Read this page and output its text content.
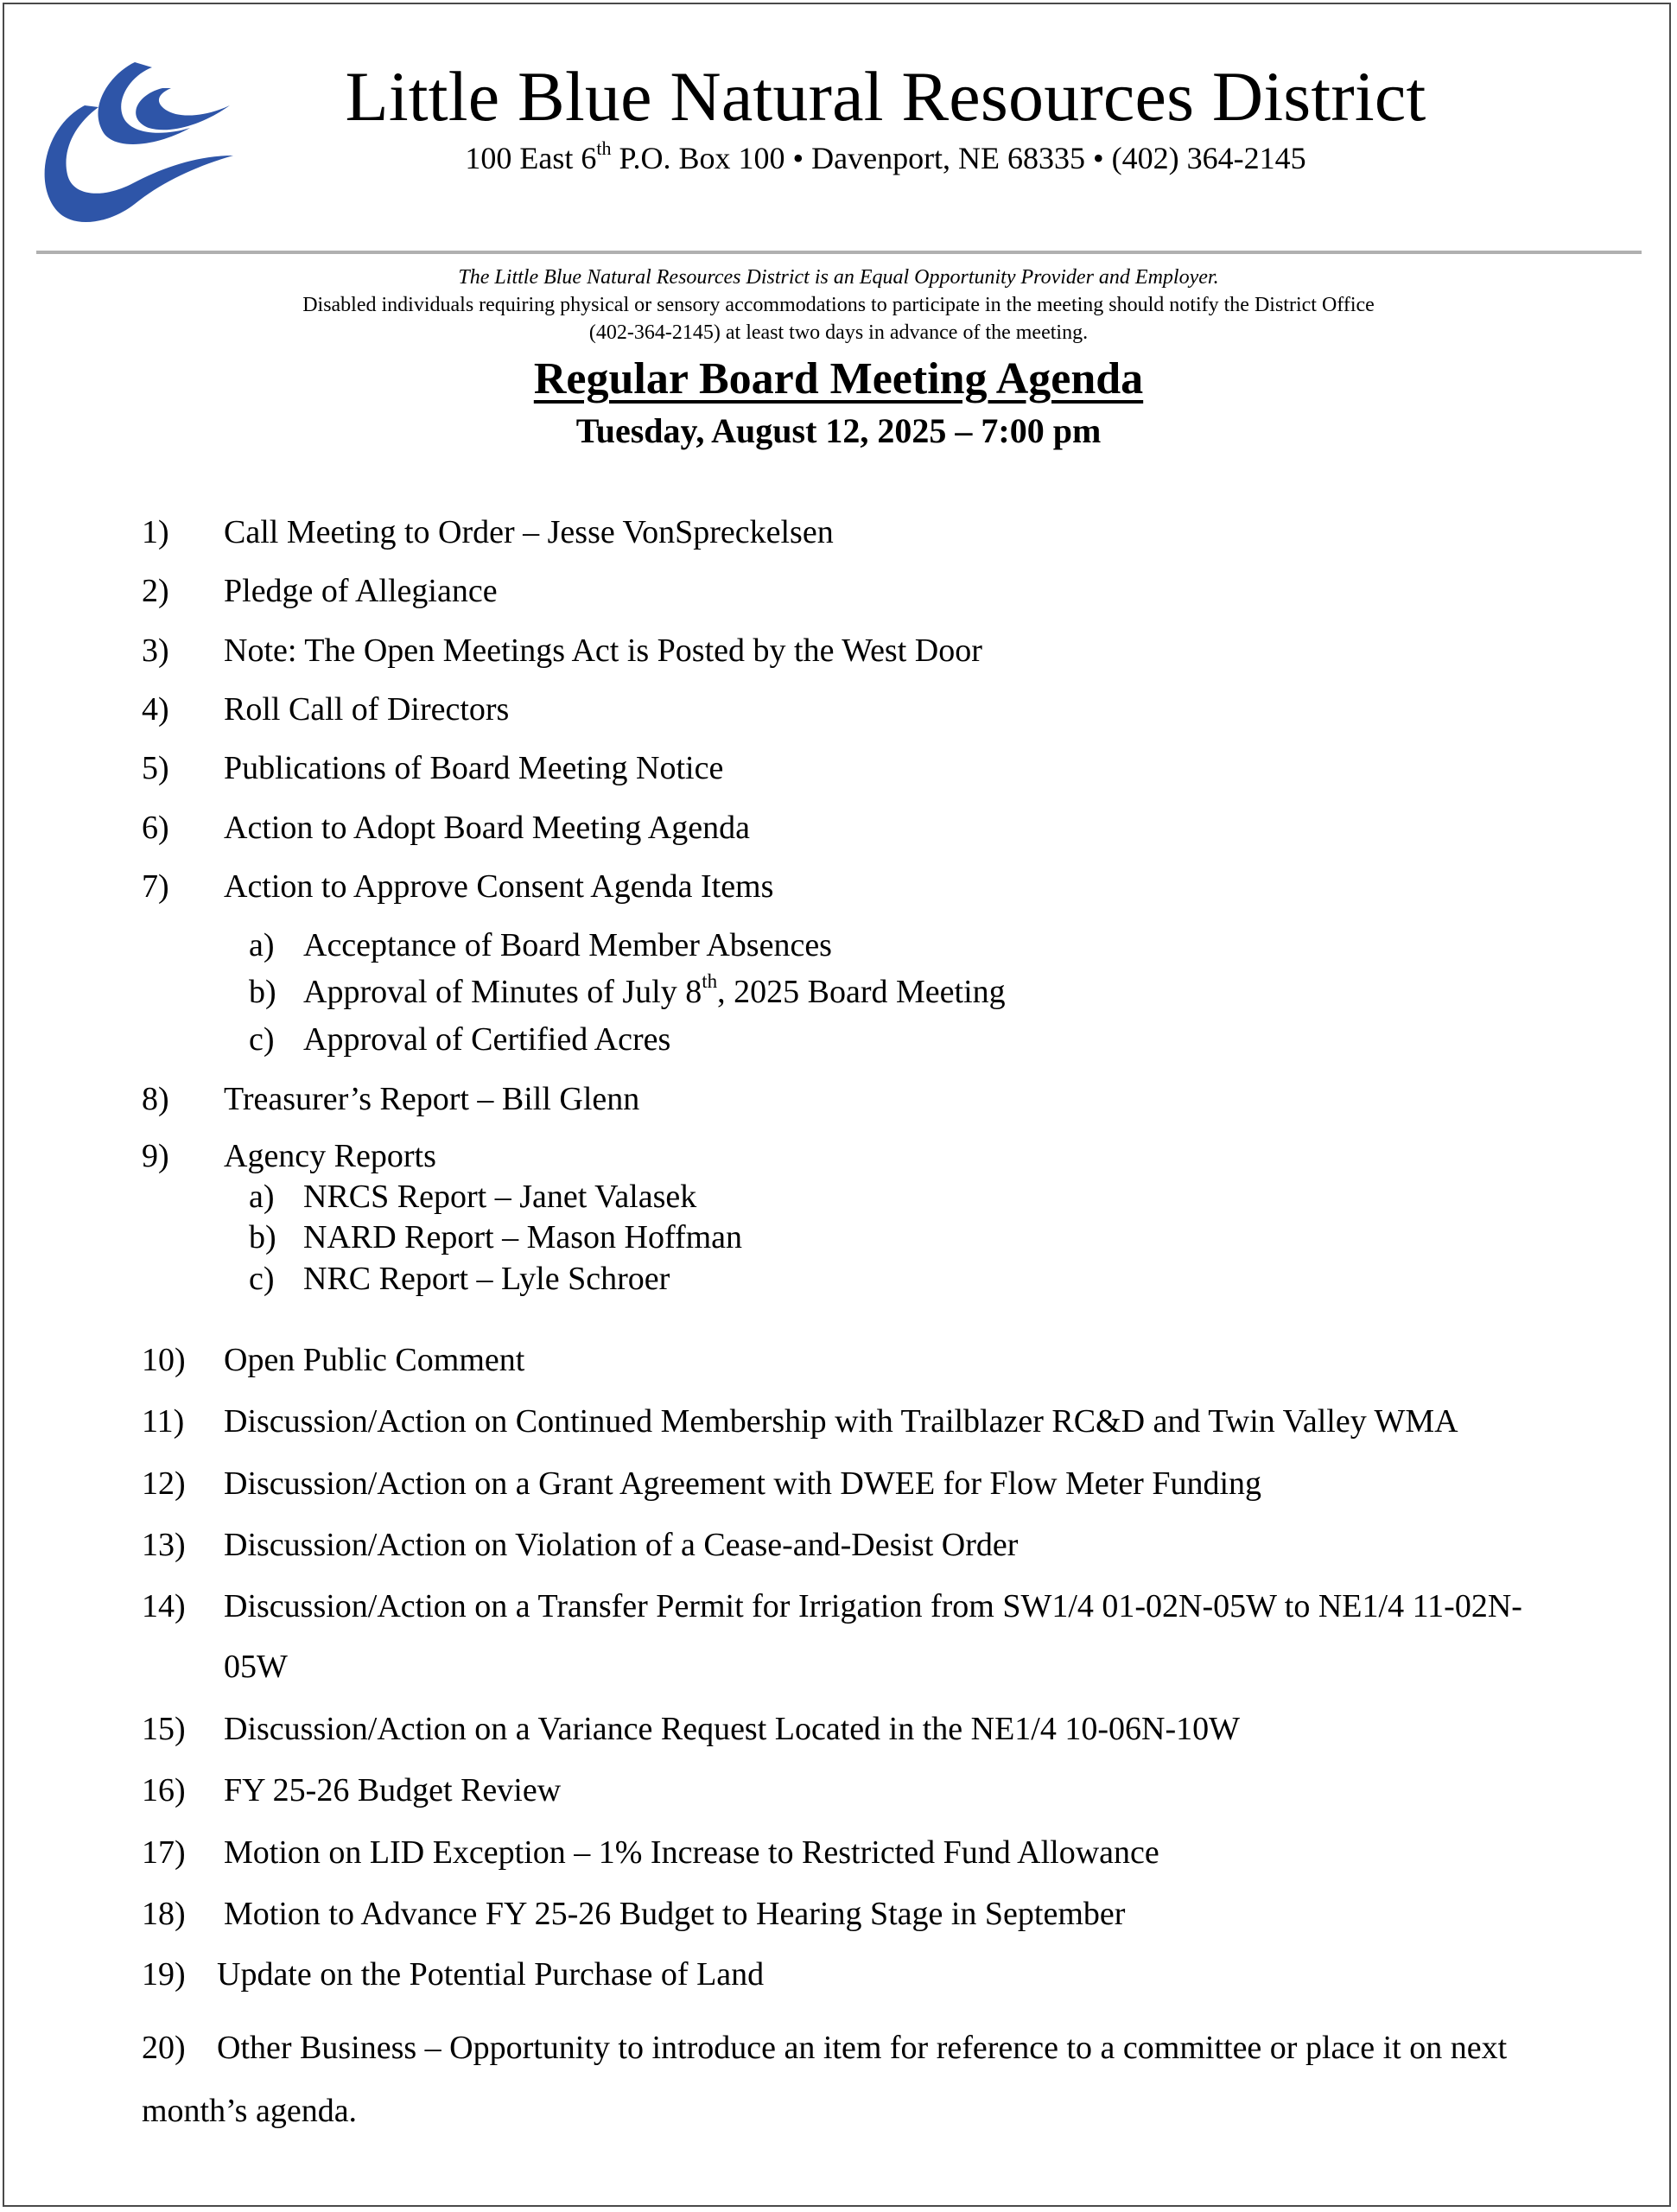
Little Blue Natural Resources District
100 East 6th P.O. Box 100 • Davenport, NE 68335 • (402) 364-2145
The Little Blue Natural Resources District is an Equal Opportunity Provider and Employer.
Disabled individuals requiring physical or sensory accommodations to participate in the meeting should notify the District Office
(402-364-2145) at least two days in advance of the meeting.
Regular Board Meeting Agenda
Tuesday, August 12, 2025 – 7:00 pm
1) Call Meeting to Order – Jesse VonSpreckelsen
2) Pledge of Allegiance
3) Note: The Open Meetings Act is Posted by the West Door
4) Roll Call of Directors
5) Publications of Board Meeting Notice
6) Action to Adopt Board Meeting Agenda
7) Action to Approve Consent Agenda Items
a) Acceptance of Board Member Absences
b) Approval of Minutes of July 8th, 2025 Board Meeting
c) Approval of Certified Acres
8) Treasurer’s Report – Bill Glenn
9) Agency Reports
a) NRCS Report – Janet Valasek
b) NARD Report – Mason Hoffman
c) NRC Report – Lyle Schroer
10) Open Public Comment
11) Discussion/Action on Continued Membership with Trailblazer RC&D and Twin Valley WMA
12) Discussion/Action on a Grant Agreement with DWEE for Flow Meter Funding
13) Discussion/Action on Violation of a Cease-and-Desist Order
14) Discussion/Action on a Transfer Permit for Irrigation from SW1/4 01-02N-05W to NE1/4 11-02N-
05W
15) Discussion/Action on a Variance Request Located in the NE1/4 10-06N-10W
16) FY 25-26 Budget Review
17) Motion on LID Exception – 1% Increase to Restricted Fund Allowance
18) Motion to Advance FY 25-26 Budget to Hearing Stage in September
19) Update on the Potential Purchase of Land
20) Other Business – Opportunity to introduce an item for reference to a committee or place it on next
month’s agenda.
